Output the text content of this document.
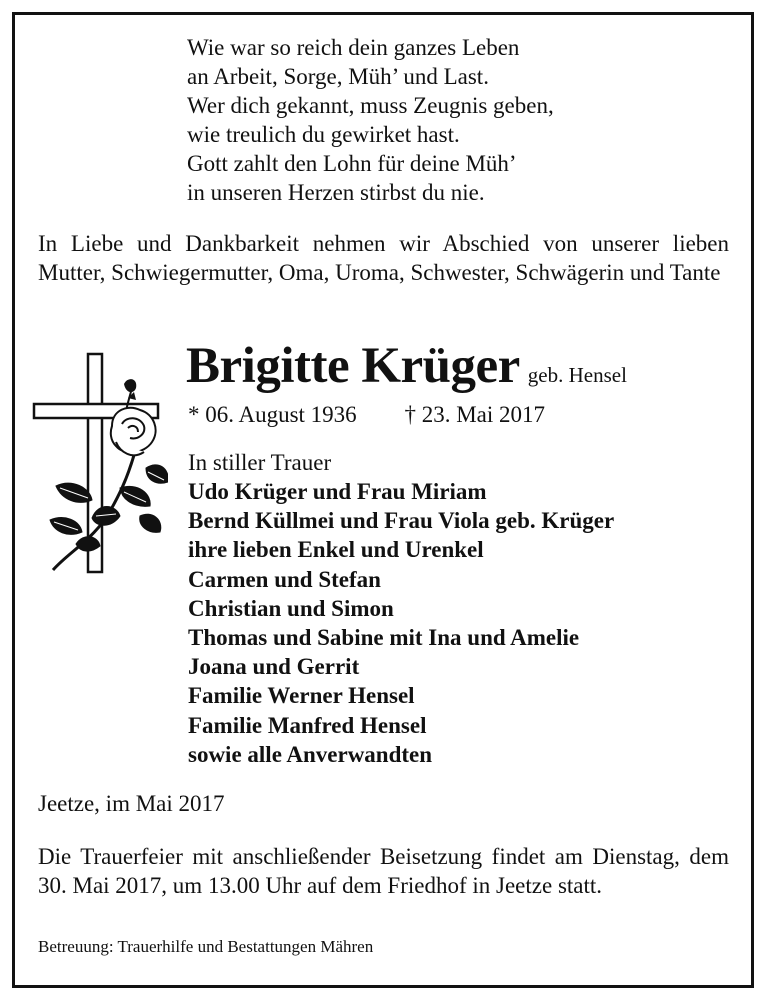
Wie war so reich dein ganzes Leben
an Arbeit, Sorge, Müh’ und Last.
Wer dich gekannt, muss Zeugnis geben,
wie treulich du gewirket hast.
Gott zahlt den Lohn für deine Müh’
in unseren Herzen stirbst du nie.

In Liebe und Dankbarkeit nehmen wir Abschied von unserer lieben Mutter, Schwiegermutter, Oma, Uroma, Schwester, Schwägerin und Tante

Brigitte Krüger geb. Hensel
* 06. August 1936 † 23. Mai 2017
In stiller Trauer
Udo Krüger und Frau Miriam
Bernd Küllmei und Frau Viola geb. Krüger
ihre lieben Enkel und Urenkel
Carmen und Stefan
Christian und Simon
Thomas und Sabine mit Ina und Amelie
Joana und Gerrit
Familie Werner Hensel
Familie Manfred Hensel
sowie alle Anverwandten
Jeetze, im Mai 2017

Die Trauerfeier mit anschließender Beisetzung findet am Dienstag, dem 30. Mai 2017, um 13.00 Uhr auf dem Friedhof in Jeetze statt.

Betreuung: Trauerhilfe und Bestattungen Mähren
